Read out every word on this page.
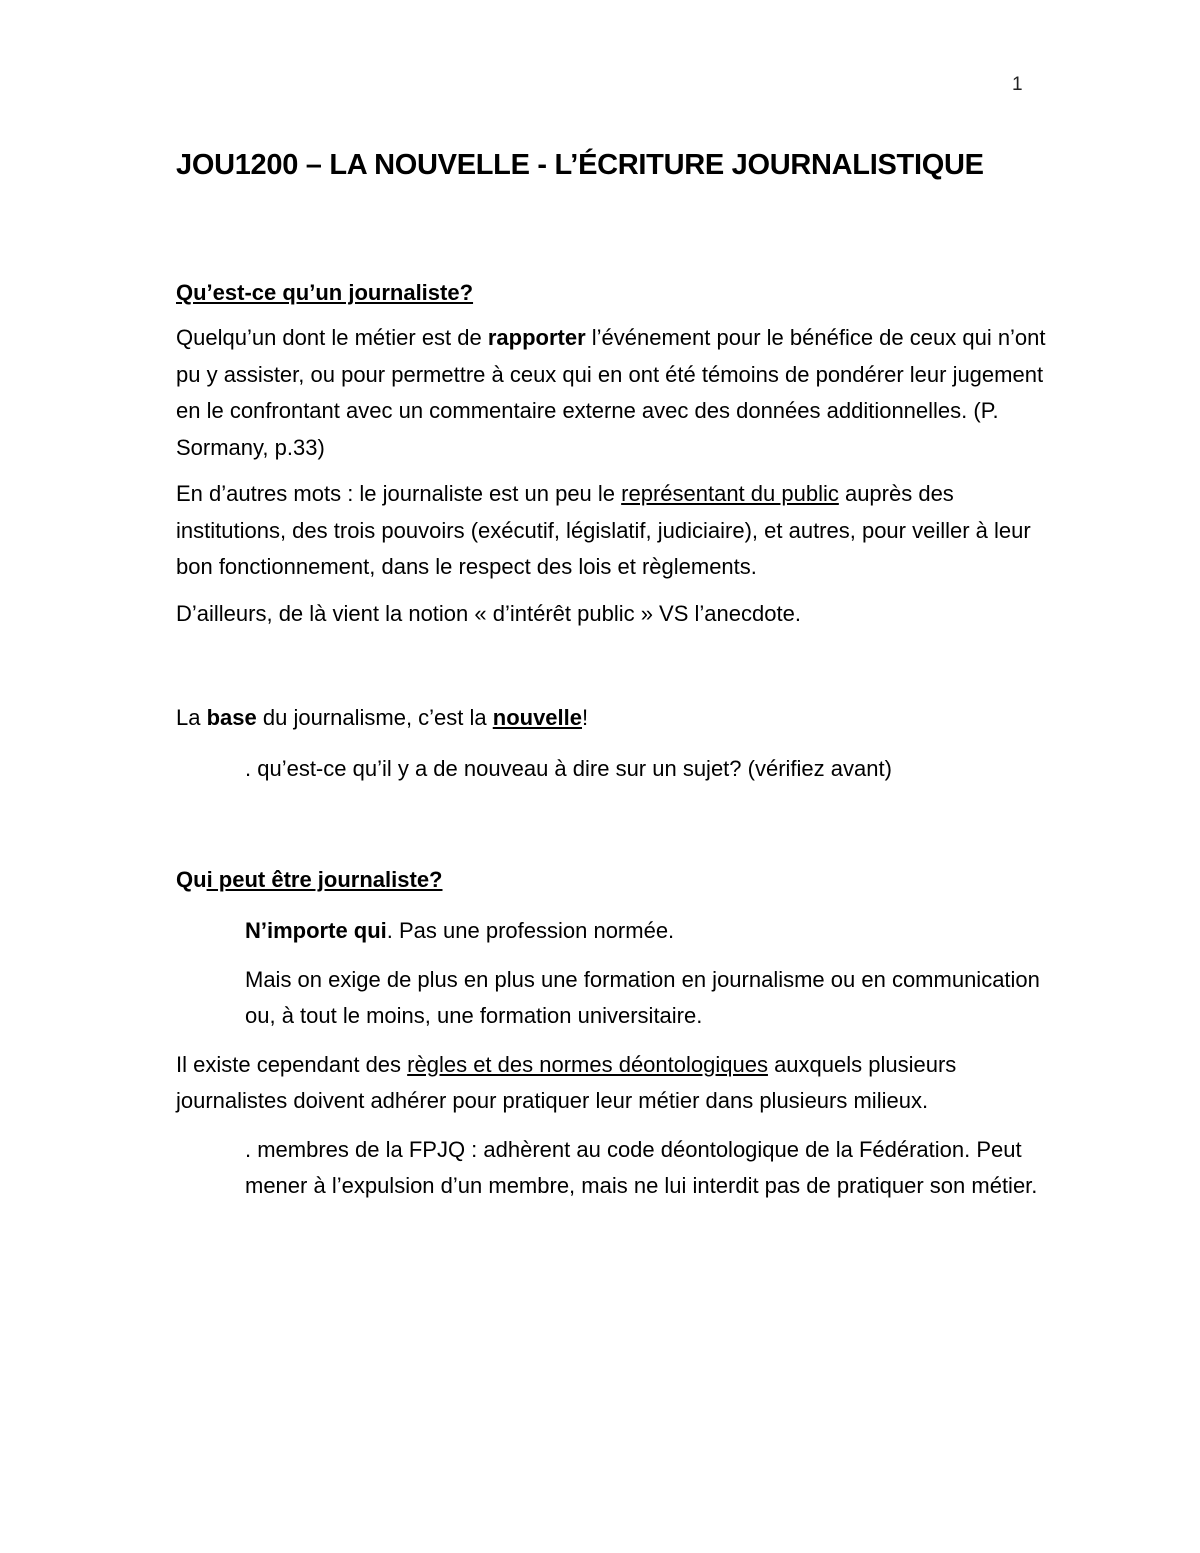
1
JOU1200 – LA NOUVELLE - L’ÉCRITURE JOURNALISTIQUE
Qu’est-ce qu’un journaliste?

Quelqu’un dont le métier est de rapporter l’événement pour le bénéfice de ceux qui n’ont pu y assister, ou pour permettre à ceux qui en ont été témoins de pondérer leur jugement en le confrontant avec un commentaire externe avec des données additionnelles. (P. Sormany, p.33)

En d’autres mots : le journaliste est un peu le représentant du public auprès des institutions, des trois pouvoirs (exécutif, législatif, judiciaire), et autres, pour veiller à leur bon fonctionnement, dans le respect des lois et règlements.

D’ailleurs, de là vient la notion « d’intérêt public » VS l’anecdote.

La base du journalisme, c’est la nouvelle!

. qu’est-ce qu’il y a de nouveau à dire sur un sujet? (vérifiez avant)

Qui peut être journaliste?

N’importe qui. Pas une profession normée.

Mais on exige de plus en plus une formation en journalisme ou en communication ou, à tout le moins, une formation universitaire.

Il existe cependant des règles et des normes déontologiques auxquels plusieurs journalistes doivent adhérer pour pratiquer leur métier dans plusieurs milieux.

. membres de la FPJQ : adhèrent au code déontologique de la Fédération. Peut mener à l’expulsion d’un membre, mais ne lui interdit pas de pratiquer son métier.
